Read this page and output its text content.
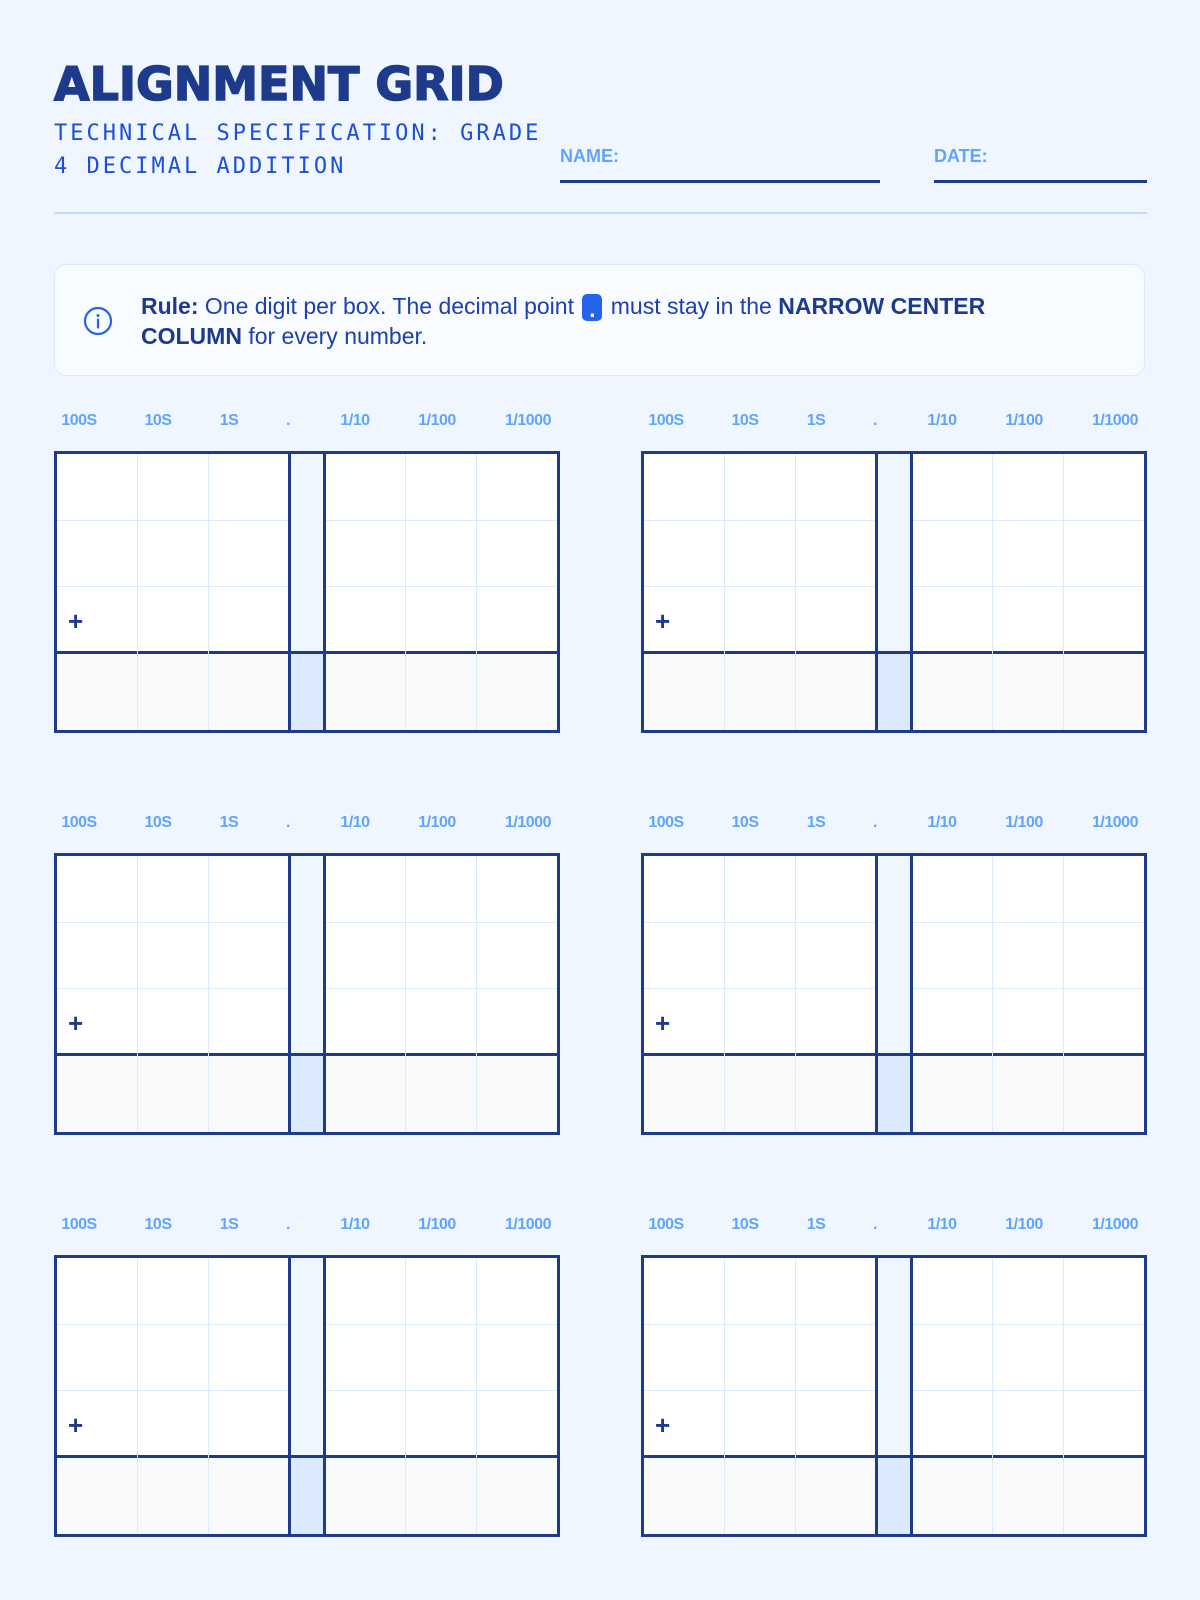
ALIGNMENT GRID

TECHNICAL SPECIFICATION: GRADE 4 DECIMAL ADDITION	NAME:	DATE:
Rule: One digit per box. The decimal point . must stay in the NARROW CENTER COLUMN for every number.
100S	10S	1S	.	1/10	1/100	1/1000
+
100S	10S	1S	.	1/10	1/100	1/1000
+
100S	10S	1S	.	1/10	1/100	1/1000
+
100S	10S	1S	.	1/10	1/100	1/1000
+
100S	10S	1S	.	1/10	1/100	1/1000
+
100S	10S	1S	.	1/10	1/100	1/1000
+
